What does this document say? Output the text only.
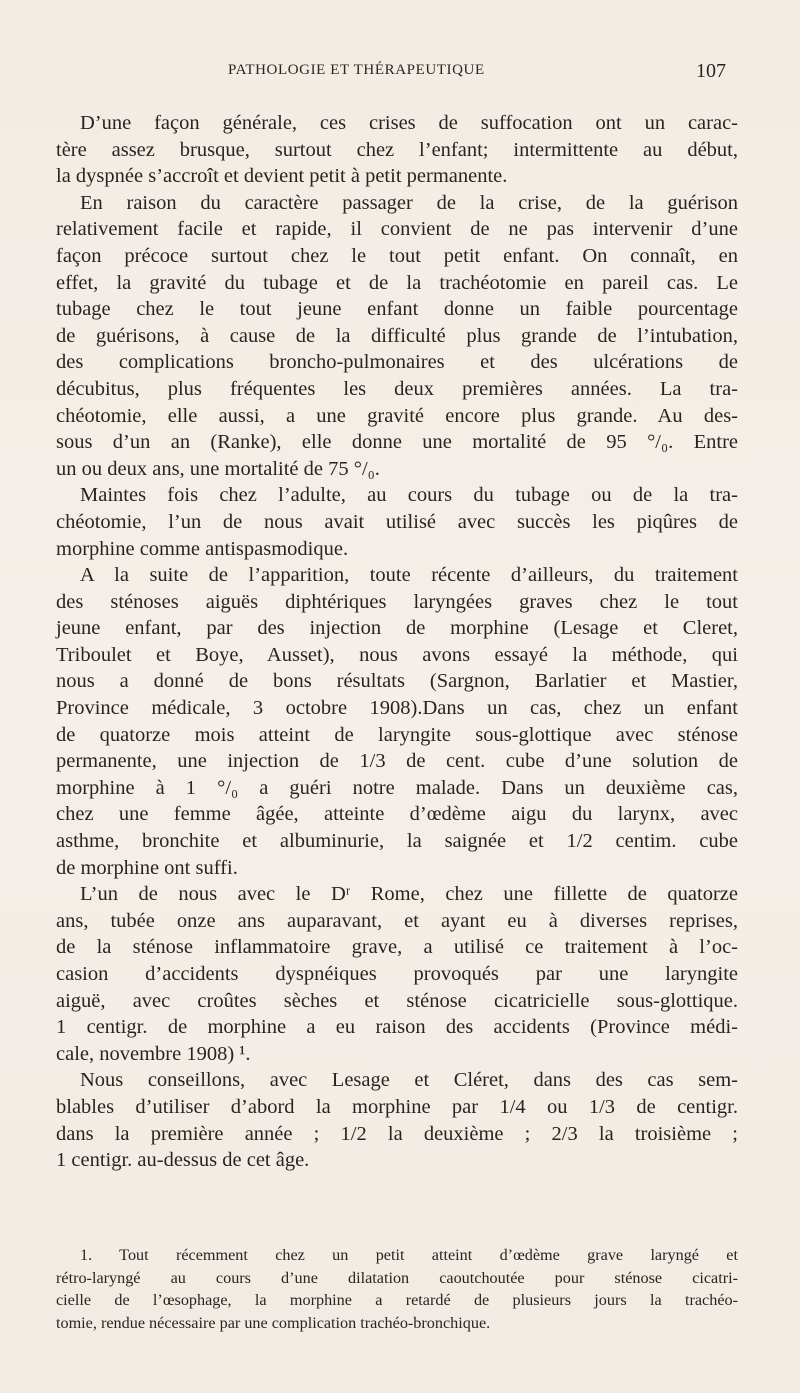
PATHOLOGIE ET THÉRAPEUTIQUE	107
D’une façon générale, ces crises de suffocation ont un carac-
tère assez brusque, surtout chez l’enfant; intermittente au début,
la dyspnée s’accroît et devient petit à petit permanente.
En raison du caractère passager de la crise, de la guérison
relativement facile et rapide, il convient de ne pas intervenir d’une
façon précoce surtout chez le tout petit enfant. On connaît, en
effet, la gravité du tubage et de la trachéotomie en pareil cas. Le
tubage chez le tout jeune enfant donne un faible pourcentage
de guérisons, à cause de la difficulté plus grande de l’intubation,
des complications broncho-pulmonaires et des ulcérations de
décubitus, plus fréquentes les deux premières années. La tra-
chéotomie, elle aussi, a une gravité encore plus grande. Au des-
sous d’un an (Ranke), elle donne une mortalité de 95 °/₀. Entre
un ou deux ans, une mortalité de 75 °/₀.
Maintes fois chez l’adulte, au cours du tubage ou de la tra-
chéotomie, l’un de nous avait utilisé avec succès les piqûres de
morphine comme antispasmodique.
A la suite de l’apparition, toute récente d’ailleurs, du traitement
des sténoses aiguës diphtériques laryngées graves chez le tout
jeune enfant, par des injection de morphine (Lesage et Cleret,
Triboulet et Boye, Ausset), nous avons essayé la méthode, qui
nous a donné de bons résultats (Sargnon, Barlatier et Mastier,
Province médicale, 3 octobre 1908).Dans un cas, chez un enfant
de quatorze mois atteint de laryngite sous-glottique avec sténose
permanente, une injection de 1/3 de cent. cube d’une solution de
morphine à 1 °/₀ a guéri notre malade. Dans un deuxième cas,
chez une femme âgée, atteinte d’œdème aigu du larynx, avec
asthme, bronchite et albuminurie, la saignée et 1/2 centim. cube
de morphine ont suffi.
L’un de nous avec le Dʳ Rome, chez une fillette de quatorze
ans, tubée onze ans auparavant, et ayant eu à diverses reprises,
de la sténose inflammatoire grave, a utilisé ce traitement à l’oc-
casion d’accidents dyspnéiques provoqués par une laryngite
aiguë, avec croûtes sèches et sténose cicatricielle sous-glottique.
1 centigr. de morphine a eu raison des accidents (Province médi-
cale, novembre 1908) ¹.
Nous conseillons, avec Lesage et Cléret, dans des cas sem-
blables d’utiliser d’abord la morphine par 1/4 ou 1/3 de centigr.
dans la première année ; 1/2 la deuxième ; 2/3 la troisième ;
1 centigr. au-dessus de cet âge.
1. Tout récemment chez un petit atteint d’œdème grave laryngé et
rétro-laryngé au cours d’une dilatation caoutchoutée pour sténose cicatri-
cielle de l’œsophage, la morphine a retardé de plusieurs jours la trachéo-
tomie, rendue nécessaire par une complication trachéo-bronchique.
